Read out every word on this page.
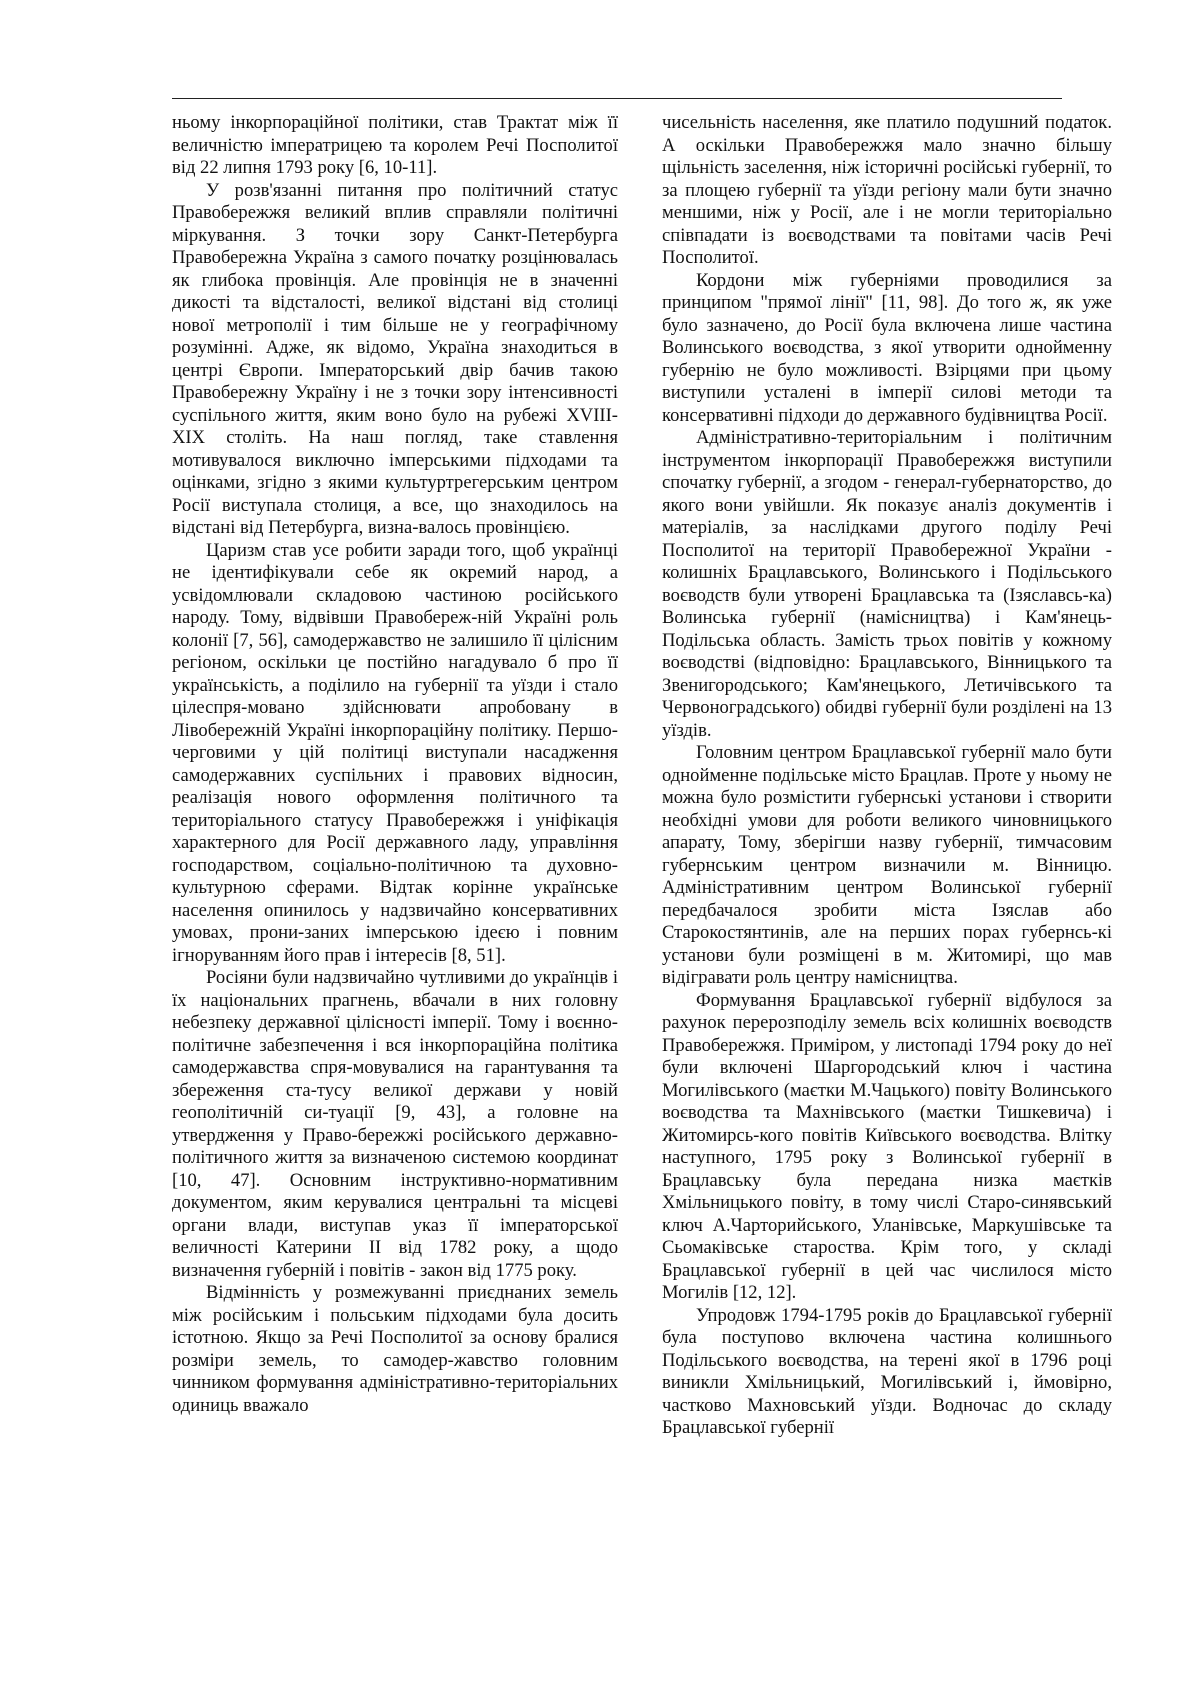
ньому інкорпораційної політики, став Трактат між її величністю імператрицею та королем Речі Посполитої від 22 липня 1793 року [6, 10-11].

У розв'язанні питання про політичний статус Правобережжя великий вплив справляли політичні міркування. З точки зору Санкт-Петербурга Правобережна Україна з самого початку розцінювалась як глибока провінція. Але провінція не в значенні дикості та відсталості, великої відстані від столиці нової метрополії і тим більше не у географічному розумінні. Адже, як відомо, Україна знаходиться в центрі Європи. Імператорський двір бачив такою Правобережну Україну і не з точки зору інтенсивності суспільного життя, яким воно було на рубежі XVIII-XIX століть. На наш погляд, таке ставлення мотивувалося виключно імперськими підходами та оцінками, згідно з якими культуртрегерським центром Росії виступала столиця, а все, що знаходилось на відстані від Петербурга, визна-валось провінцією.

Царизм став усе робити заради того, щоб українці не ідентифікували себе як окремий народ, а усвідомлювали складовою частиною російського народу. Тому, відвівши Правобереж-ній Україні роль колонії [7, 56], самодержавство не залишило її цілісним регіоном, оскільки це постійно нагадувало б про її українськість, а поділило на губернії та уїзди і стало цілеспря-мовано здійснювати апробовану в Лівобережній Україні інкорпораційну політику. Першо-черговими у цій політиці виступали насадження самодержавних суспільних і правових відносин, реалізація нового оформлення політичного та територіального статусу Правобережжя і уніфікація характерного для Росії державного ладу, управління господарством, соціально-політичною та духовно-культурною сферами. Відтак корінне українське населення опинилось у надзвичайно консервативних умовах, прони-заних імперською ідеєю і повним ігноруванням його прав і інтересів [8, 51].

Росіяни були надзвичайно чутливими до українців і їх національних прагнень, вбачали в них головну небезпеку державної цілісності імперії. Тому і воєнно-політичне забезпечення і вся інкорпораційна політика самодержавства спря-мовувалися на гарантування та збереження ста-тусу великої держави у новій геополітичній си-туації [9, 43], а головне на утвердження у Право-бережжі російського державно-політичного життя за визначеною системою координат [10, 47]. Основним інструктивно-нормативним документом, яким керувалися центральні та місцеві органи влади, виступав указ її імператорської величності Катерини II від 1782 року, а щодо визначення губерній і повітів - закон від 1775 року.

Відмінність у розмежуванні приєднаних земель між російським і польським підходами була досить істотною. Якщо за Речі Посполитої за основу бралися розміри земель, то самодер-жавство головним чинником формування адміністративно-територіальних одиниць вважало

чисельність населення, яке платило подушний податок. А оскільки Правобережжя мало значно більшу щільність заселення, ніж історичні російські губернії, то за площею губернії та уїзди регіону мали бути значно меншими, ніж у Росії, але і не могли територіально співпадати із воєводствами та повітами часів Речі Посполитої.

Кордони між губерніями проводилися за принципом "прямої лінії" [11, 98]. До того ж, як уже було зазначено, до Росії була включена лише частина Волинського воєводства, з якої утворити однойменну губернію не було можливості. Взірцями при цьому виступили усталені в імперії силові методи та консервативні підходи до державного будівництва Росії.

Адміністративно-територіальним і політичним інструментом інкорпорації Правобережжя виступили спочатку губернії, а згодом - генерал-губернаторство, до якого вони увійшли. Як показує аналіз документів і матеріалів, за наслідками другого поділу Речі Посполитої на території Правобережної України - колишніх Брацлавського, Волинського і Подільського воєводств були утворені Брацлавська та (Ізяславсь-ка) Волинська губернії (намісництва) і Кам'янець-Подільська область. Замість трьох повітів у кожному воєводстві (відповідно: Брацлавського, Вінницького та Звенигородського; Кам'янецького, Летичівського та Червоноградського) обидві губернії були розділені на 13 уїздів.

Головним центром Брацлавської губернії мало бути однойменне подільське місто Брацлав. Проте у ньому не можна було розмістити губернські установи і створити необхідні умови для роботи великого чиновницького апарату, Тому, зберігши назву губернії, тимчасовим губернським центром визначили м. Вінницю. Адміністративним центром Волинської губернії передбачалося зробити міста Ізяслав або Старокостянтинів, але на перших порах губернсь-кі установи були розміщені в м. Житомирі, що мав відігравати роль центру намісництва.

Формування Брацлавської губернії відбулося за рахунок перерозподілу земель всіх колишніх воєводств Правобережжя. Приміром, у листопаді 1794 року до неї були включені Шаргородський ключ і частина Могилівського (маєтки М.Чацького) повіту Волинського воєводства та Махнівського (маєтки Тишкевича) і Житомирсь-кого повітів Київського воєводства. Влітку наступного, 1795 року з Волинської губернії в Брацлавську була передана низка маєтків Хмільницького повіту, в тому числі Старо-синявський ключ А.Чарторийського, Уланівське, Маркушівське та Сьомаківське староства. Крім того, у складі Брацлавської губернії в цей час числилося місто Могилів [12, 12].

Упродовж 1794-1795 років до Брацлавської губернії була поступово включена частина колишнього Подільського воєводства, на терені якої в 1796 році виникли Хмільницький, Могилівський і, ймовірно, частково Махновський уїзди. Водночас до складу Брацлавської губернії
